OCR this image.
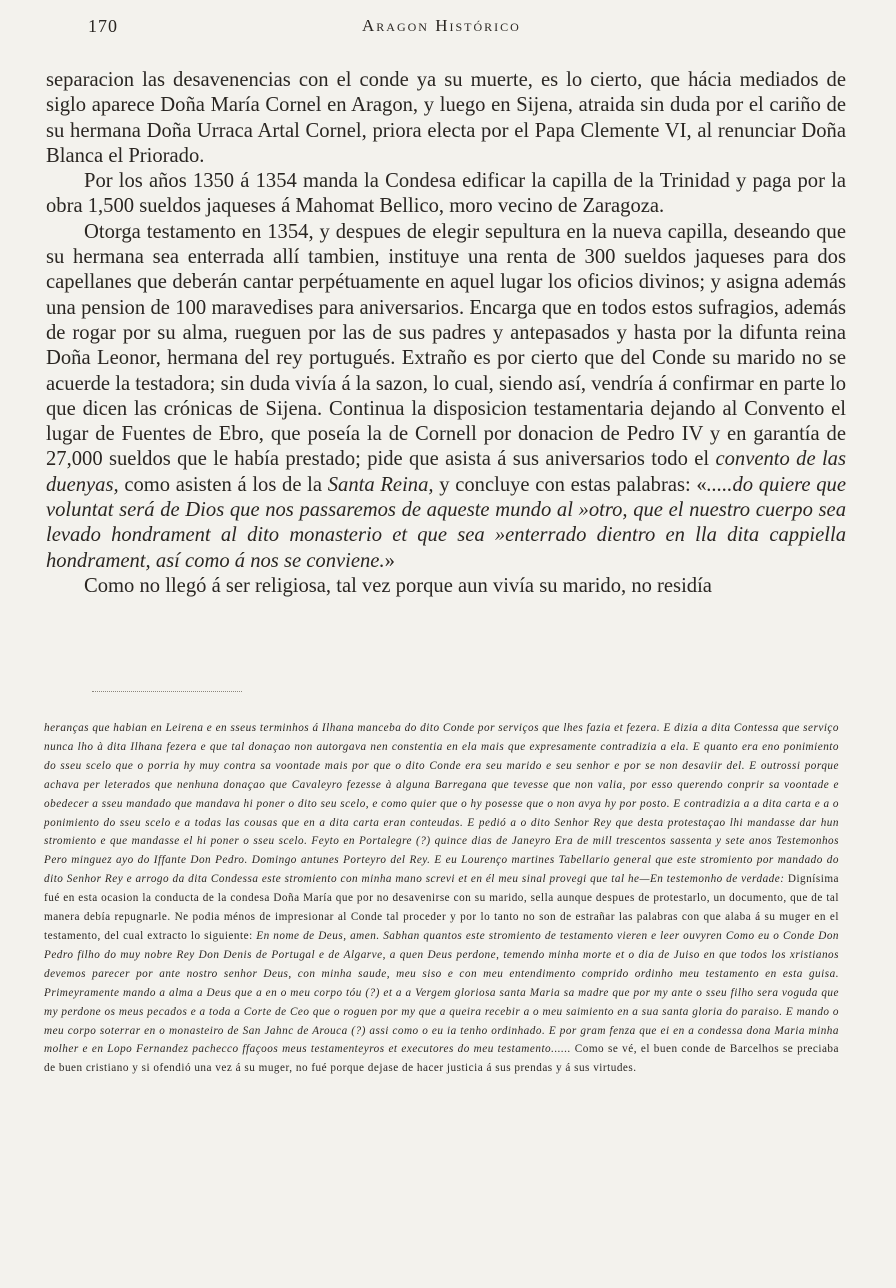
170	Aragon Histórico

separacion las desavenencias con el conde ya su muerte, es lo cierto, que hácia mediados de siglo aparece Doña María Cornel en Aragon, y luego en Sijena, atraida sin duda por el cariño de su hermana Doña Urraca Artal Cornel, priora electa por el Papa Clemente VI, al renunciar Doña Blanca el Priorado.

Por los años 1350 á 1354 manda la Condesa edificar la capilla de la Trinidad y paga por la obra 1,500 sueldos jaqueses á Mahomat Bellico, moro vecino de Zaragoza.

Otorga testamento en 1354, y despues de elegir sepultura en la nueva capilla, deseando que su hermana sea enterrada allí tambien, instituye una renta de 300 sueldos jaqueses para dos capellanes que deberán cantar perpétuamente en aquel lugar los oficios divinos; y asigna además una pension de 100 maravedises para aniversarios. Encarga que en todos estos sufragios, además de rogar por su alma, rueguen por las de sus padres y antepasados y hasta por la difunta reina Doña Leonor, hermana del rey portugués. Extraño es por cierto que del Conde su marido no se acuerde la testadora; sin duda vivía á la sazon, lo cual, siendo así, vendría á confirmar en parte lo que dicen las crónicas de Sijena. Continua la disposicion testamentaria dejando al Convento el lugar de Fuentes de Ebro, que poseía la de Cornell por donacion de Pedro IV y en garantía de 27,000 sueldos que le había prestado; pide que asista á sus aniversarios todo el convento de las duenyas, como asisten á los de la Santa Reina, y concluye con estas palabras: «.....do quiere que voluntat será de Dios que nos passaremos de aqueste mundo al »otro, que el nuestro cuerpo sea levado hondrament al dito monasterio et que sea »enterrado dientro en lla dita cappiella hondrament, así como á nos se conviene.»

Como no llegó á ser religiosa, tal vez porque aun vivía su marido, no residía

heranças que habian en Leirena e en sseus terminhos á Ilhana manceba do dito Conde por serviços que lhes fazia et fezera. E dizia a dita Contessa que serviço nunca lho à dita Ilhana fezera e que tal donaçao non autorgava nen constentia en ela mais que expresamente contradizia a ela. E quanto era eno ponimiento do sseu scelo que o porria hy muy contra sa voontade mais por que o dito Conde era seu marido e seu senhor e por se non desaviir del. E outrossi porque achava per leterados que nenhuna donaçao que Cavaleyro fezesse à alguna Barregana que tevesse que non valia, por esso querendo conprir sa voontade e obedecer a sseu mandado que mandava hi poner o dito seu scelo, e como quier que o hy posesse que o non avya hy por posto. E contradizia a a dita carta e a o ponimiento do sseu scelo e a todas las cousas que en a dita carta eran conteudas. E pedió a o dito Senhor Rey que desta protestaçao lhi mandasse dar hun stromiento e que mandasse el hi poner o sseu scelo. Feyto en Portalegre (?) quince dias de Janeyro Era de mill trescentos sassenta y sete anos Testemonhos Pero minguez ayo do Iffante Don Pedro. Domingo antunes Porteyro del Rey. E eu Lourenço martines Tabellario general que este stromiento por mandado do dito Senhor Rey e arrogo da dita Condessa este stromiento con minha mano screvi et en él meu sinal provegi que tal he—En testemonho de verdade: Dignísima fué en esta ocasion la conducta de la condesa Doña María que por no desavenirse con su marido, sella aunque despues de protestarlo, un documento, que de tal manera debía repugnarle. Ne podia ménos de impresionar al Conde tal proceder y por lo tanto no son de estrañar las palabras con que alaba á su muger en el testamento, del cual extracto lo siguiente: En nome de Deus, amen. Sabhan quantos este stromiento de testamento vieren e leer ouvyren Como eu o Conde Don Pedro filho do muy nobre Rey Don Denis de Portugal e de Algarve, a quen Deus perdone, temendo minha morte et o dia de Juiso en que todos los xristianos devemos parecer por ante nostro senhor Deus, con minha saude, meu siso e con meu entendimento comprido ordinho meu testamento en esta guisa. Primeyramente mando a alma a Deus que a en o meu corpo tóu (?) et a a Vergem gloriosa santa Maria sa madre que por my ante o sseu filho sera voguda que my perdone os meus pecados e a toda a Corte de Ceo que o roguen por my que a queira recebir a o meu saimiento en a sua santa gloria do paraiso. E mando o meu corpo soterrar en o monasteiro de San Jahnc de Arouca (?) assi como o eu ia tenho ordinhado. E por gram fenza que ei en a condessa dona Maria minha molher e en Lopo Fernandez pachecco ffaçoos meus testamenteyros et executores do meu testamento...... Como se vé, el buen conde de Barcelhos se preciaba de buen cristiano y si ofendió una vez á su muger, no fué porque dejase de hacer justicia á sus prendas y á sus virtudes.
